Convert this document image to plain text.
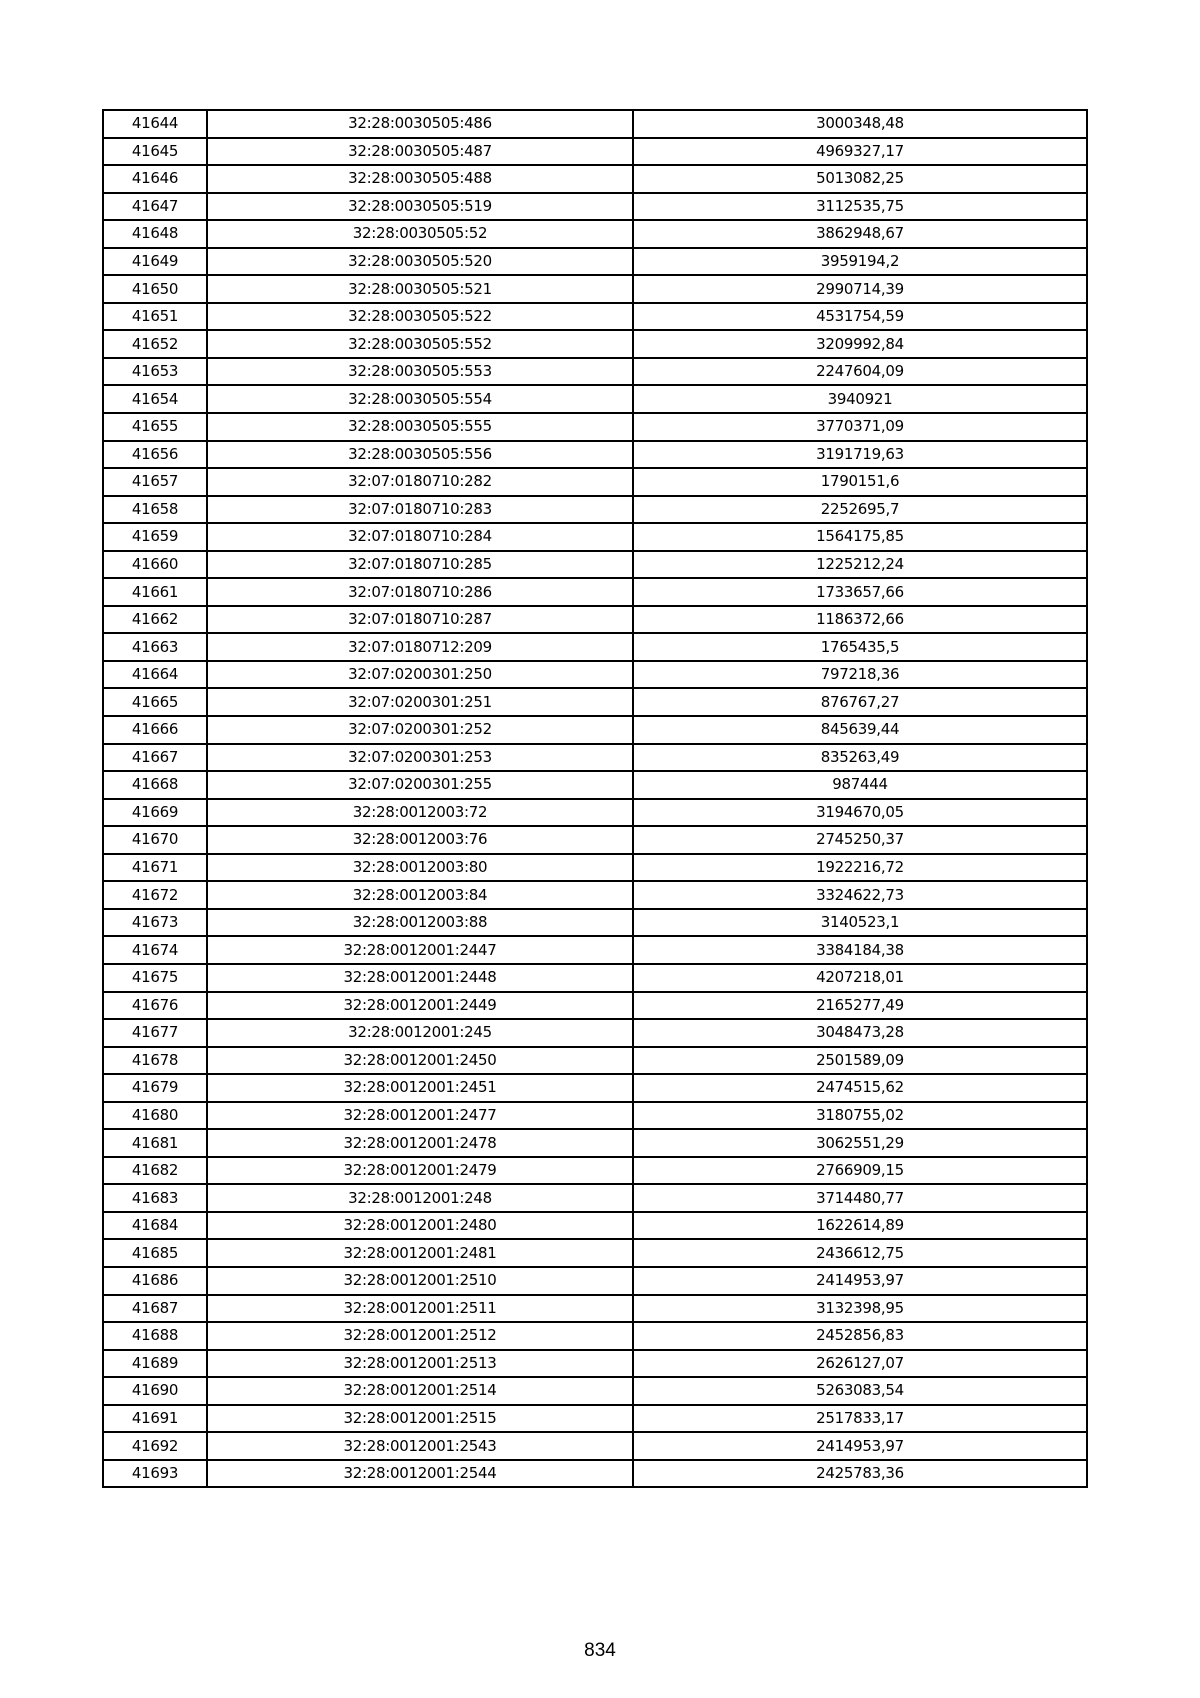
41644	32:28:0030505:486	3000348,48
41645	32:28:0030505:487	4969327,17
41646	32:28:0030505:488	5013082,25
41647	32:28:0030505:519	3112535,75
41648	32:28:0030505:52	3862948,67
41649	32:28:0030505:520	3959194,2
41650	32:28:0030505:521	2990714,39
41651	32:28:0030505:522	4531754,59
41652	32:28:0030505:552	3209992,84
41653	32:28:0030505:553	2247604,09
41654	32:28:0030505:554	3940921
41655	32:28:0030505:555	3770371,09
41656	32:28:0030505:556	3191719,63
41657	32:07:0180710:282	1790151,6
41658	32:07:0180710:283	2252695,7
41659	32:07:0180710:284	1564175,85
41660	32:07:0180710:285	1225212,24
41661	32:07:0180710:286	1733657,66
41662	32:07:0180710:287	1186372,66
41663	32:07:0180712:209	1765435,5
41664	32:07:0200301:250	797218,36
41665	32:07:0200301:251	876767,27
41666	32:07:0200301:252	845639,44
41667	32:07:0200301:253	835263,49
41668	32:07:0200301:255	987444
41669	32:28:0012003:72	3194670,05
41670	32:28:0012003:76	2745250,37
41671	32:28:0012003:80	1922216,72
41672	32:28:0012003:84	3324622,73
41673	32:28:0012003:88	3140523,1
41674	32:28:0012001:2447	3384184,38
41675	32:28:0012001:2448	4207218,01
41676	32:28:0012001:2449	2165277,49
41677	32:28:0012001:245	3048473,28
41678	32:28:0012001:2450	2501589,09
41679	32:28:0012001:2451	2474515,62
41680	32:28:0012001:2477	3180755,02
41681	32:28:0012001:2478	3062551,29
41682	32:28:0012001:2479	2766909,15
41683	32:28:0012001:248	3714480,77
41684	32:28:0012001:2480	1622614,89
41685	32:28:0012001:2481	2436612,75
41686	32:28:0012001:2510	2414953,97
41687	32:28:0012001:2511	3132398,95
41688	32:28:0012001:2512	2452856,83
41689	32:28:0012001:2513	2626127,07
41690	32:28:0012001:2514	5263083,54
41691	32:28:0012001:2515	2517833,17
41692	32:28:0012001:2543	2414953,97
41693	32:28:0012001:2544	2425783,36
834
